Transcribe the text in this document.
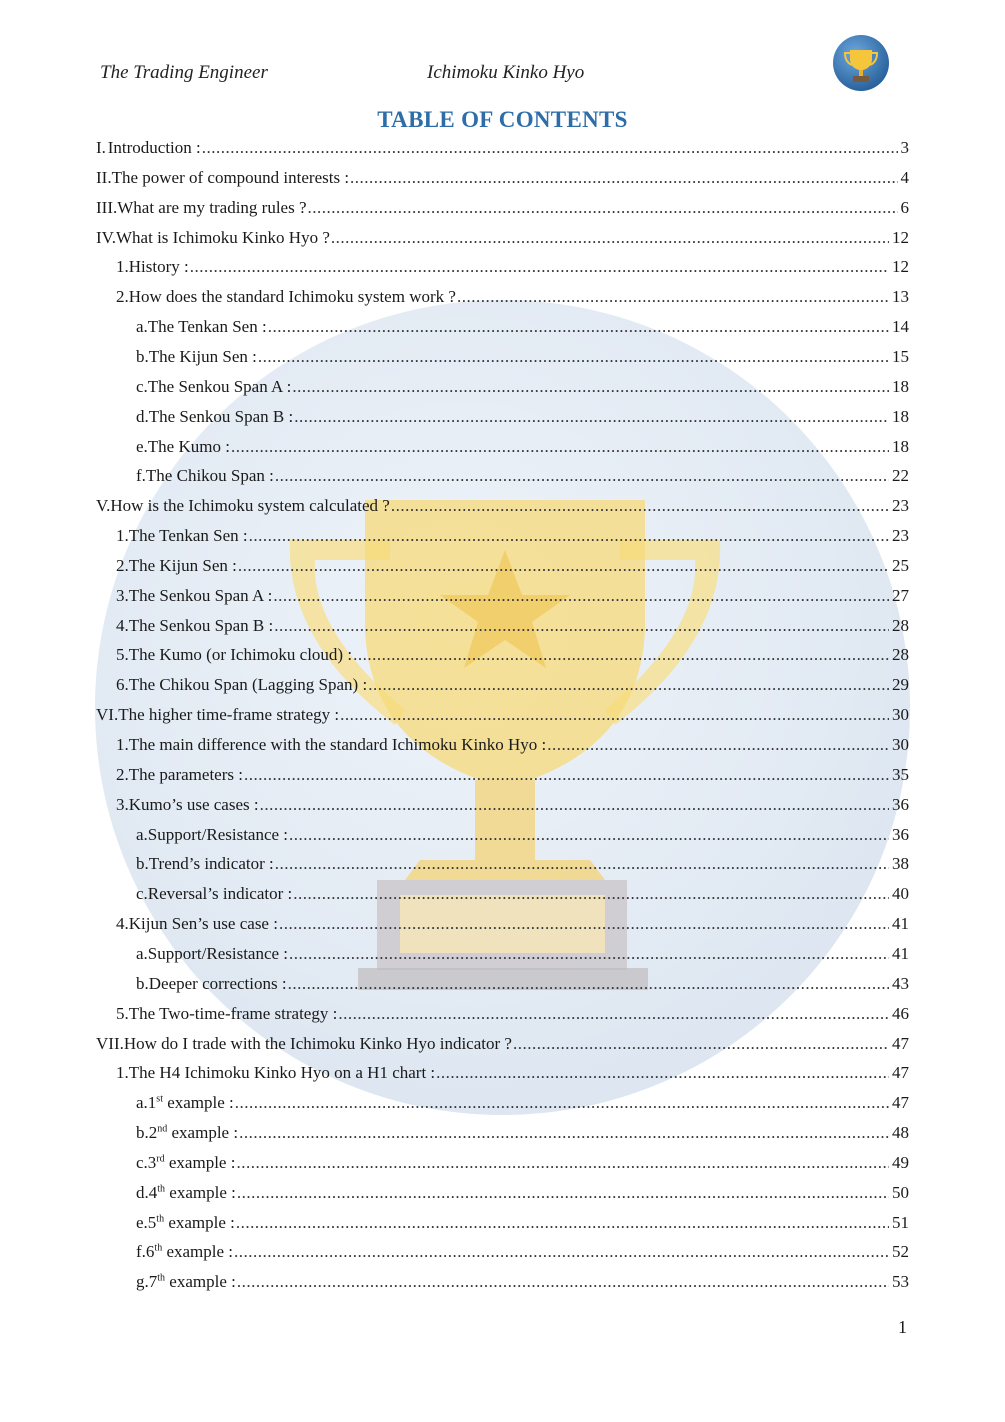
The Trading Engineer	Ichimoku Kinko Hyo
TABLE OF CONTENTS
I. Introduction : .....	3
II. The power of compound interests : .....	4
III. What are my trading rules ? .....	6
IV. What is Ichimoku Kinko Hyo ? .....	12
1. History : .....	12
2. How does the standard Ichimoku system work ? .....	13
a. The Tenkan Sen : .....	14
b. The Kijun Sen : .....	15
c. The Senkou Span A : .....	18
d. The Senkou Span B : .....	18
e. The Kumo : .....	18
f. The Chikou Span : .....	22
V. How is the Ichimoku system calculated ? .....	23
1. The Tenkan Sen : .....	23
2. The Kijun Sen : .....	25
3. The Senkou Span A : .....	27
4. The Senkou Span B : .....	28
5. The Kumo (or Ichimoku cloud) : .....	28
6. The Chikou Span (Lagging Span) : .....	29
VI. The higher time-frame strategy : .....	30
1. The main difference with the standard Ichimoku Kinko Hyo : .....	30
2. The parameters : .....	35
3. Kumo’s use cases : .....	36
a. Support/Resistance : .....	36
b. Trend’s indicator : .....	38
c. Reversal’s indicator : .....	40
4. Kijun Sen’s use case : .....	41
a. Support/Resistance : .....	41
b. Deeper corrections : .....	43
5. The Two-time-frame strategy : .....	46
VII. How do I trade with the Ichimoku Kinko Hyo indicator ? .....	47
1. The H4 Ichimoku Kinko Hyo on a H1 chart : .....	47
a. 1st example : .....	47
b. 2nd example : .....	48
c. 3rd example : .....	49
d. 4th example : .....	50
e. 5th example : .....	51
f. 6th example : .....	52
g. 7th example : .....	53
1
